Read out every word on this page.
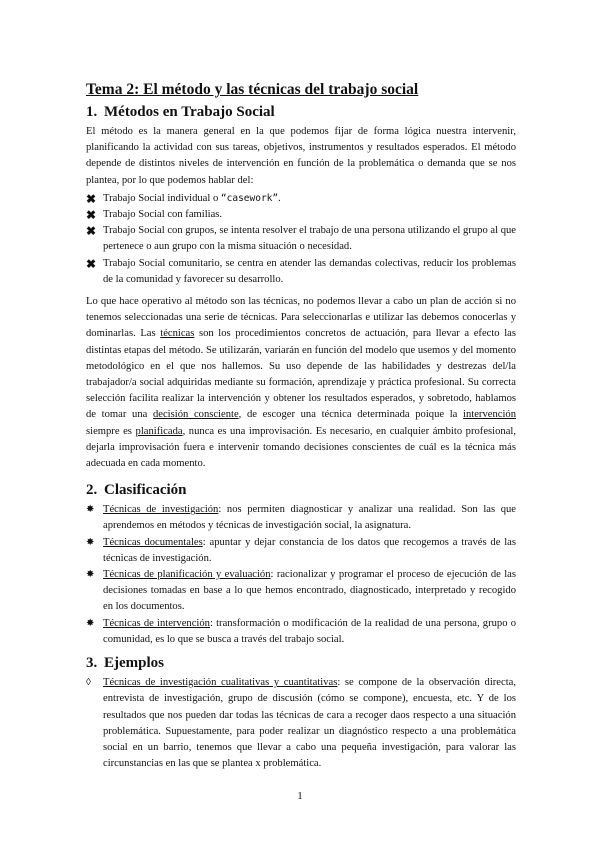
Tema 2: El método y las técnicas del trabajo social
1. Métodos en Trabajo Social

El método es la manera general en la que podemos fijar de forma lógica nuestra intervenir, planificando la actividad con sus tareas, objetivos, instrumentos y resultados esperados. El método depende de distintos niveles de intervención en función de la problemática o demanda que se nos plantea, por lo que podemos hablar del:

✖ Trabajo Social individual o “casework”.
✖ Trabajo Social con familias.
✖ Trabajo Social con grupos, se intenta resolver el trabajo de una persona utilizando el grupo al que pertenece o aun grupo con la misma situación o necesidad.
✖ Trabajo Social comunitario, se centra en atender las demandas colectivas, reducir los problemas de la comunidad y favorecer su desarrollo.

Lo que hace operativo al método son las técnicas, no podemos llevar a cabo un plan de acción si no tenemos seleccionadas una serie de técnicas. Para seleccionarlas e utilizar las debemos conocerlas y dominarlas. Las técnicas son los procedimientos concretos de actuación, para llevar a efecto las distintas etapas del método. Se utilizarán, variarán en función del modelo que usemos y del momento metodológico en el que nos hallemos. Su uso depende de las habilidades y destrezas del/la trabajador/a social adquiridas mediante su formación, aprendizaje y práctica profesional. Su correcta selección facilita realizar la intervención y obtener los resultados esperados, y sobretodo, hablamos de tomar una decisión consciente, de escoger una técnica determinada poique la intervención siempre es planificada, nunca es una improvisación. Es necesario, en cualquier ámbito profesional, dejarla improvisación fuera e intervenir tomando decisiones conscientes de cuál es la técnica más adecuada en cada momento.

2. Clasificación
✸ Técnicas de investigación: nos permiten diagnosticar y analizar una realidad. Son las que aprendemos en métodos y técnicas de investigación social, la asignatura.
✸ Técnicas documentales: apuntar y dejar constancia de los datos que recogemos a través de las técnicas de investigación.
✸ Técnicas de planificación y evaluación: racionalizar y programar el proceso de ejecución de las decisiones tomadas en base a lo que hemos encontrado, diagnosticado, interpretado y recogido en los documentos.
✸ Técnicas de intervención: transformación o modificación de la realidad de una persona, grupo o comunidad, es lo que se busca a través del trabajo social.
3. Ejemplos
◊	Técnicas de investigación cualitativas y cuantitativas: se compone de la observación directa, entrevista de investigación, grupo de discusión (cómo se compone), encuesta, etc. Y de los resultados que nos pueden dar todas las técnicas de cara a recoger daos respecto a una situación problemática. Supuestamente, para poder realizar un diagnóstico respecto a una problemática social en un barrio, tenemos que llevar a cabo una pequeña investigación, para valorar las circunstancias en las que se plantea x problemática.
1
